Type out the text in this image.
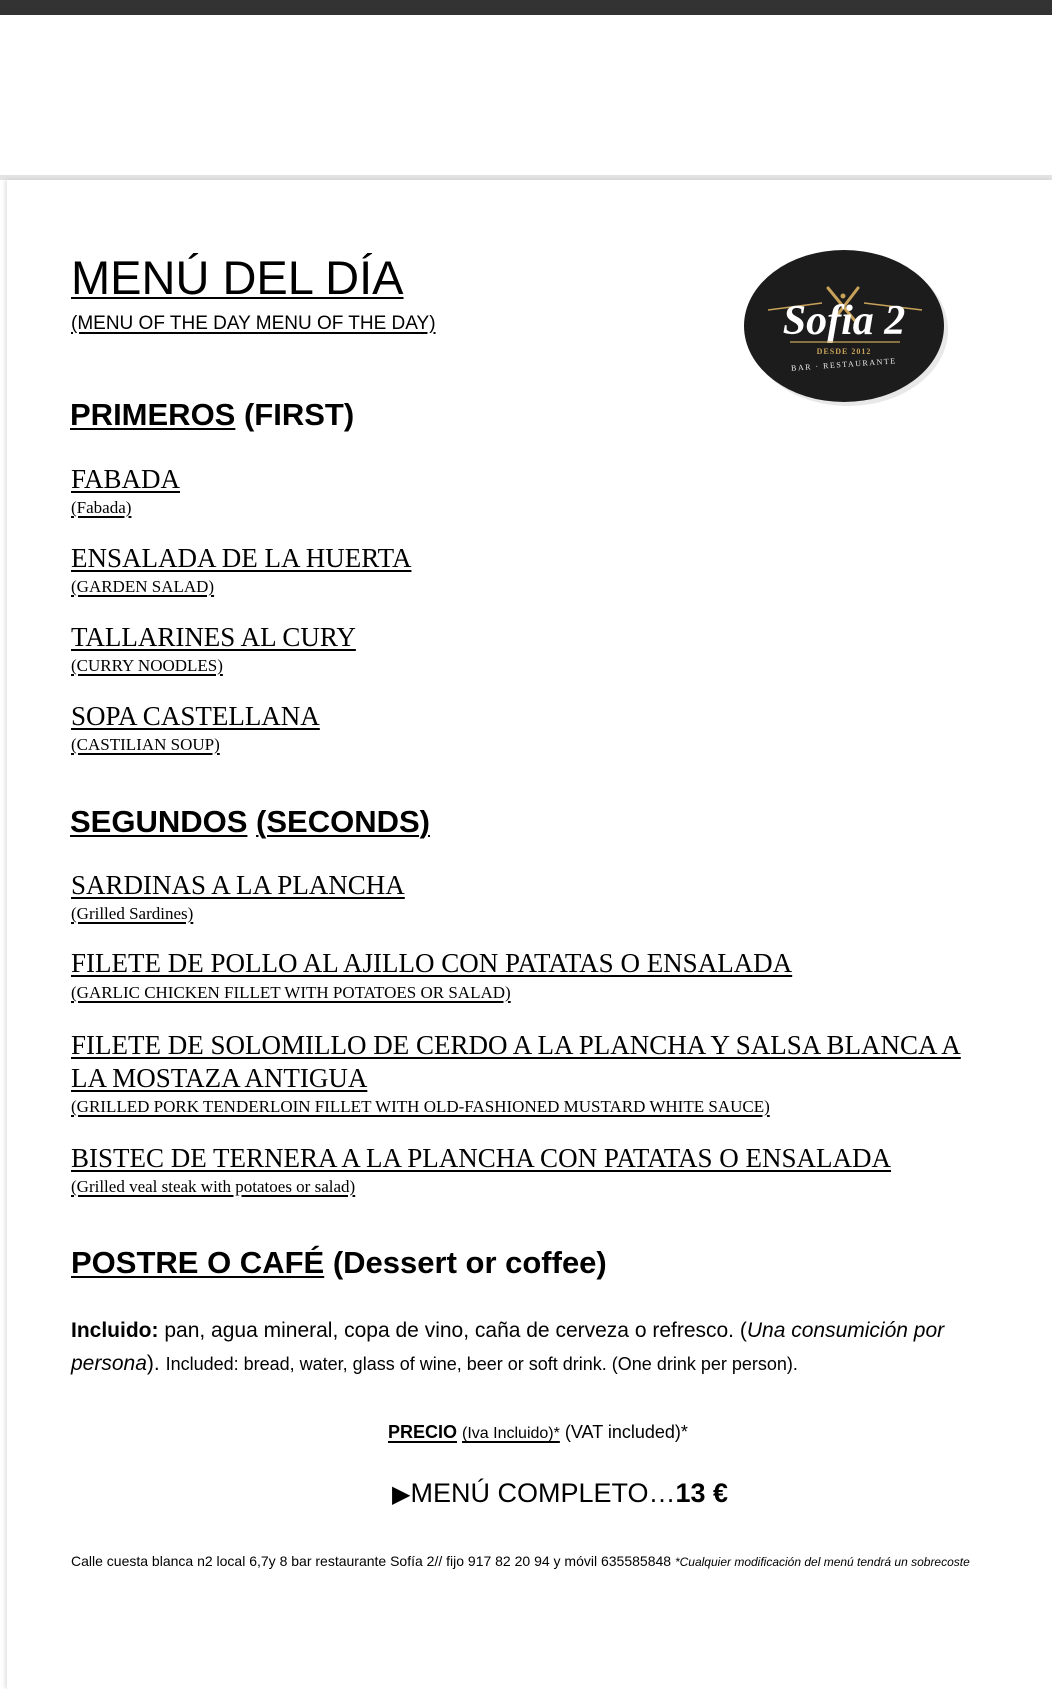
MENÚ DEL DÍA
(MENU OF THE DAY MENU OF THE DAY)	Sofia 2
DESDE 2012
BAR · RESTAURANTE
PRIMEROS (FIRST)
FABADA
(Fabada)
ENSALADA DE LA HUERTA
(GARDEN SALAD)
TALLARINES AL CURY
(CURRY NOODLES)
SOPA CASTELLANA
(CASTILIAN SOUP)
SEGUNDOS (SECONDS)
SARDINAS A LA PLANCHA
(Grilled Sardines)
FILETE DE POLLO AL AJILLO CON PATATAS O ENSALADA
(GARLIC CHICKEN FILLET WITH POTATOES OR SALAD)
FILETE DE SOLOMILLO DE CERDO A LA PLANCHA Y SALSA BLANCA A
LA MOSTAZA ANTIGUA
(GRILLED PORK TENDERLOIN FILLET WITH OLD-FASHIONED MUSTARD WHITE SAUCE)
BISTEC DE TERNERA A LA PLANCHA CON PATATAS O ENSALADA
(Grilled veal steak with potatoes or salad)
POSTRE O CAFÉ (Dessert or coffee)
Incluido: pan, agua mineral, copa de vino, caña de cerveza o refresco. (Una consumición por persona). Included: bread, water, glass of wine, beer or soft drink. (One drink per person).
PRECIO (Iva Incluido)* (VAT included)*
▶MENÚ COMPLETO…13 €
Calle cuesta blanca n2 local 6,7y 8 bar restaurante Sofía 2// fijo 917 82 20 94 y móvil 635585848 *Cualquier modificación del menú tendrá un sobrecoste
